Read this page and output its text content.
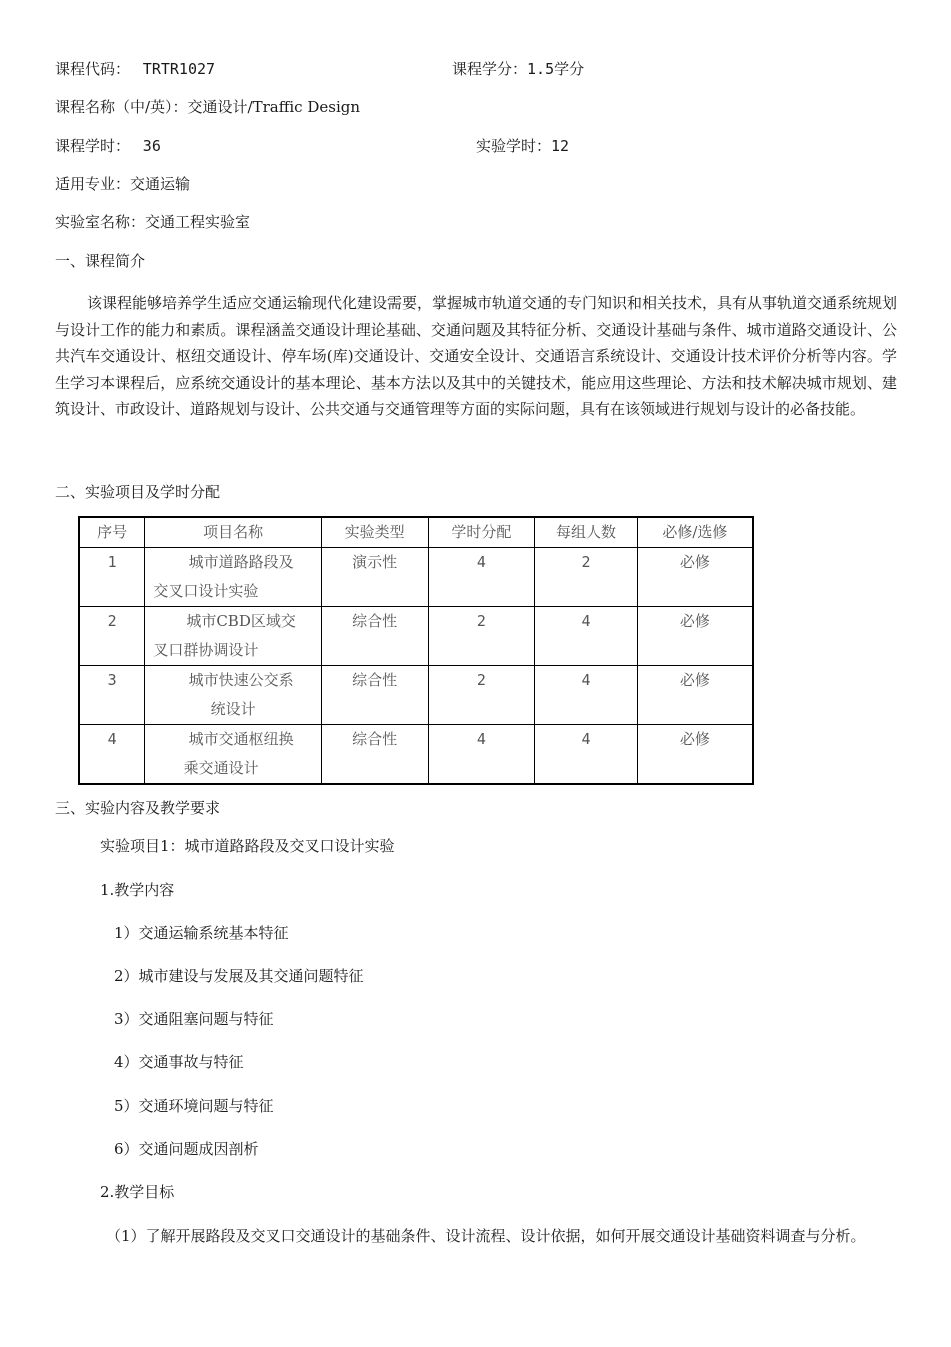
课程代码： TRTR1027	课程学分：1.5学分
课程名称（中/英）：交通设计/Traffic Design
课程学时： 36	实验学时：12
适用专业：交通运输
实验室名称：交通工程实验室
一、课程简介
该课程能够培养学生适应交通运输现代化建设需要，掌握城市轨道交通的专门知识和相关技术，具有从事轨道交通系统规划与设计工作的能力和素质。课程涵盖交通设计理论基础、交通问题及其特征分析、交通设计基础与条件、城市道路交通设计、公共汽车交通设计、枢纽交通设计、停车场(库)交通设计、交通安全设计、交通语言系统设计、交通设计技术评价分析等内容。学生学习本课程后，应系统交通设计的基本理论、基本方法以及其中的关键技术，能应用这些理论、方法和技术解决城市规划、建筑设计、市政设计、道路规划与设计、公共交通与交通管理等方面的实际问题，具有在该领域进行规划与设计的必备技能。
二、实验项目及学时分配
序号	项目名称	实验类型	学时分配	每组人数	必修/选修
1	城市道路路段及
交叉口设计实验	演示性	4	2	必修
2	城市CBD区域交
叉口群协调设计	综合性	2	4	必修
3	城市快速公交系
统设计	综合性	2	4	必修
4	城市交通枢纽换
乘交通设计	综合性	4	4	必修
三、实验内容及教学要求
实验项目1：城市道路路段及交叉口设计实验
1.教学内容
1）交通运输系统基本特征
2）城市建设与发展及其交通问题特征
3）交通阻塞问题与特征
4）交通事故与特征
5）交通环境问题与特征
6）交通问题成因剖析
2.教学目标
（1）了解开展路段及交叉口交通设计的基础条件、设计流程、设计依据，如何开展交通设计基础资料调查与分析。
